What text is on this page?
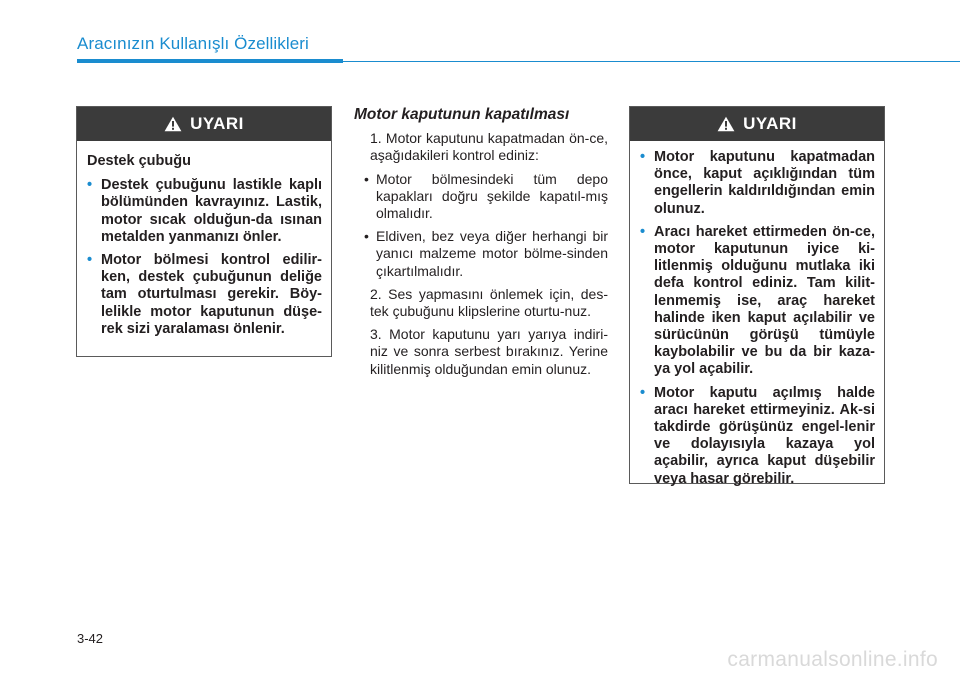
Aracınızın Kullanışlı Özellikleri
UYARI
Destek çubuğu
• Destek çubuğunu lastikle kaplı bölümünden kavrayınız. Lastik, motor sıcak olduğun-da ısınan metalden yanmanızı önler.
• Motor bölmesi kontrol edilir-ken, destek çubuğunun deliğe tam oturtulması gerekir. Böy-lelikle motor kaputunun düşe-rek sizi yaralaması önlenir.
Motor kaputunun kapatılması
1. Motor kaputunu kapatmadan ön-ce, aşağıdakileri kontrol ediniz:
• Motor bölmesindeki tüm depo kapakları doğru şekilde kapatıl-mış olmalıdır.
• Eldiven, bez veya diğer herhangi bir yanıcı malzeme motor bölme-sinden çıkartılmalıdır.
2. Ses yapmasını önlemek için, des-tek çubuğunu klipslerine oturtu-nuz.
3. Motor kaputunu yarı yarıya indiri-niz ve sonra serbest bırakınız. Yerine kilitlenmiş olduğundan emin olunuz.
UYARI
• Motor kaputunu kapatmadan önce, kaput açıklığından tüm engellerin kaldırıldığından emin olunuz.
• Aracı hareket ettirmeden ön-ce, motor kaputunun iyice ki-litlenmiş olduğunu mutlaka iki defa kontrol ediniz. Tam kilit-lenmemiş ise, araç hareket halinde iken kaput açılabilir ve sürücünün görüşü tümüyle kaybolabilir ve bu da bir kaza-ya yol açabilir.
• Motor kaputu açılmış halde aracı hareket ettirmeyiniz. Ak-si takdirde görüşünüz engel-lenir ve dolayısıyla kazaya yol açabilir, ayrıca kaput düşebilir veya hasar görebilir.
3-42
carmanualsonline.info
